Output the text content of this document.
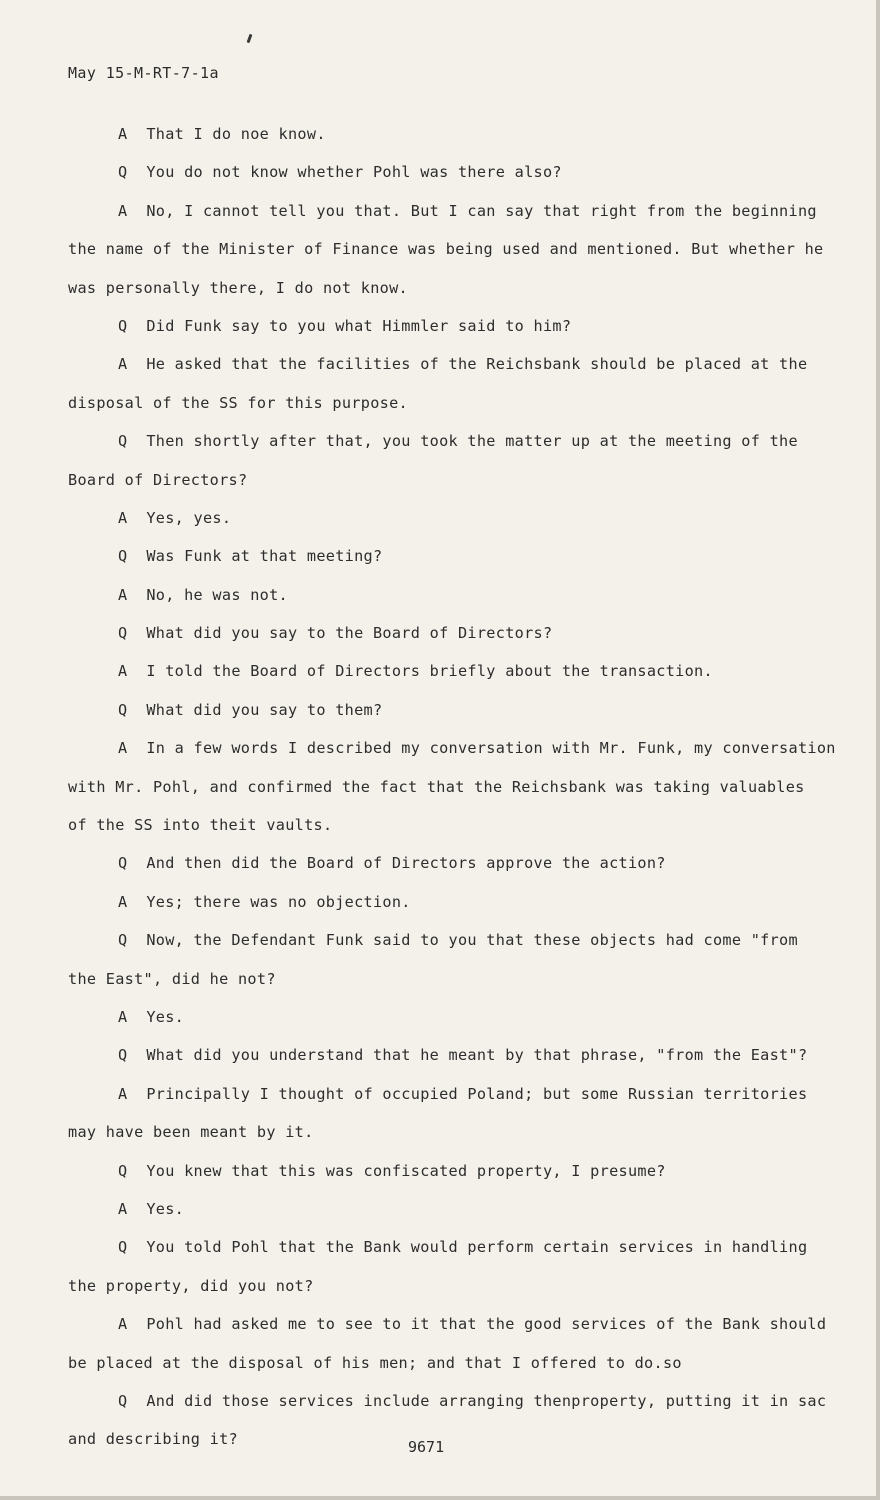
May 15-M-RT-7-1a
A  That I do noe know.
Q  You do not know whether Pohl was there also?
A  No, I cannot tell you that. But I can say that right from the beginning
the name of the Minister of Finance was being used and mentioned. But whether he
was personally there, I do not know.
Q  Did Funk say to you what Himmler said to him?
A  He asked that the facilities of the Reichsbank should be placed at the
disposal of the SS for this purpose.
Q  Then shortly after that, you took the matter up at the meeting of the
Board of Directors?
A  Yes, yes.
Q  Was Funk at that meeting?
A  No, he was not.
Q  What did you say to the Board of Directors?
A  I told the Board of Directors briefly about the transaction.
Q  What did you say to them?
A  In a few words I described my conversation with Mr. Funk, my conversation
with Mr. Pohl, and confirmed the fact that the Reichsbank was taking valuables
of the SS into theit vaults.
Q  And then did the Board of Directors approve the action?
A  Yes; there was no objection.
Q  Now, the Defendant Funk said to you that these objects had come "from
the East", did he not?
A  Yes.
Q  What did you understand that he meant by that phrase, "from the East"?
A  Principally I thought of occupied Poland; but some Russian territories
may have been meant by it.
Q  You knew that this was confiscated property, I presume?
A  Yes.
Q  You told Pohl that the Bank would perform certain services in handling
the property, did you not?
A  Pohl had asked me to see to it that the good services of the Bank should
be placed at the disposal of his men; and that I offered to do.so
Q  And did those services include arranging thenproperty, putting it in sac
and describing it?	9671
